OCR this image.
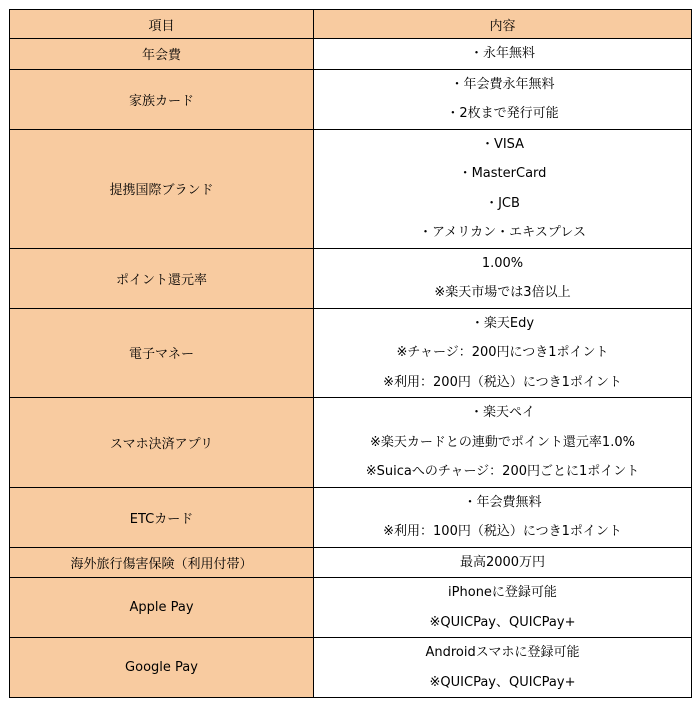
項目	内容
年会費	・永年無料

家族カード	・年会費永年無料
・2枚まで発行可能

提携国際ブランド	・VISA
・MasterCard
・JCB
・アメリカン・エキスプレス

ポイント還元率	1.00%
※楽天市場では3倍以上

電子マネー	・楽天Edy
※チャージ：200円につき1ポイント
※利用：200円（税込）につき1ポイント

スマホ決済アプリ	・楽天ペイ
※楽天カードとの連動でポイント還元率1.0%
※Suicaへのチャージ：200円ごとに1ポイント

ETCカード	・年会費無料
※利用：100円（税込）につき1ポイント

海外旅行傷害保険（利用付帯）	最高2000万円

Apple Pay	iPhoneに登録可能
※QUICPay、QUICPay+

Google Pay	Androidスマホに登録可能
※QUICPay、QUICPay+
